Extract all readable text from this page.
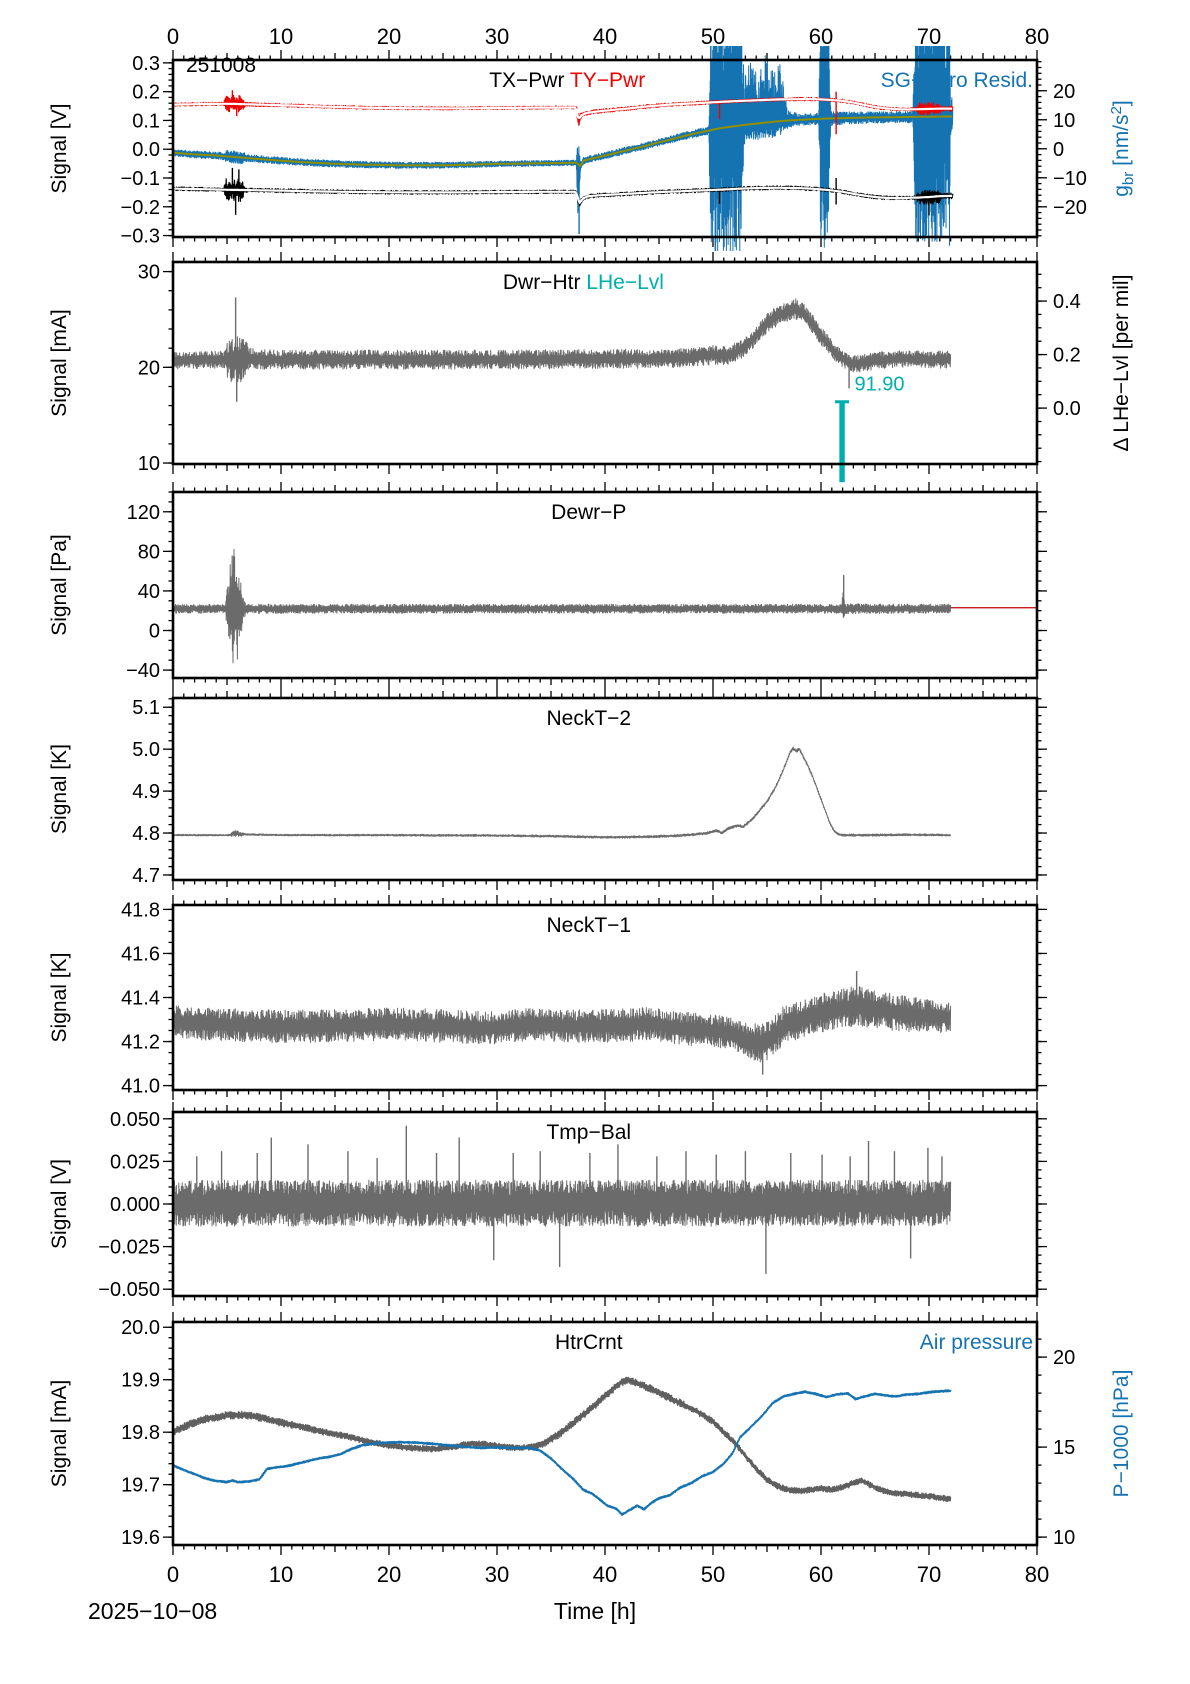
TX−Pwr TY−Pwr	SG−Baro Resid.
0.3
0.2
0.1
0.0
−0.1
−0.2
−0.3
20
10
0
−10
−20
$g_{br}$ $[nm/s^2]$
Signal [V]
251008
Dwr−Htr LHe−Lvl
30
20
10
0.4
0.2
0.0 Δ LHe−Lvl [per mil]
Signal [mA]	91.90
Dewr−P
120
80
40
0
−40
Signal [Pa]
NeckT−2
5.1
5.0
4.9
4.8
4.7
Signal [K]
NeckT−1
41.8
41.6
41.4
41.2
41.0
Signal [K]
Tmp−Bal
0.050
0.025
0.000
−0.025
−0.050
Signal [V]
HtrCrnt	Air pressure
20.0
19.9
19.8
19.7
19.6
20
15
10
P−1000 [hPa]
Signal [mA]
0
0
10
10
20
20
30
30
40
40
50
50
60
60
70
70
80
80
2025−10−08	Time [h]
